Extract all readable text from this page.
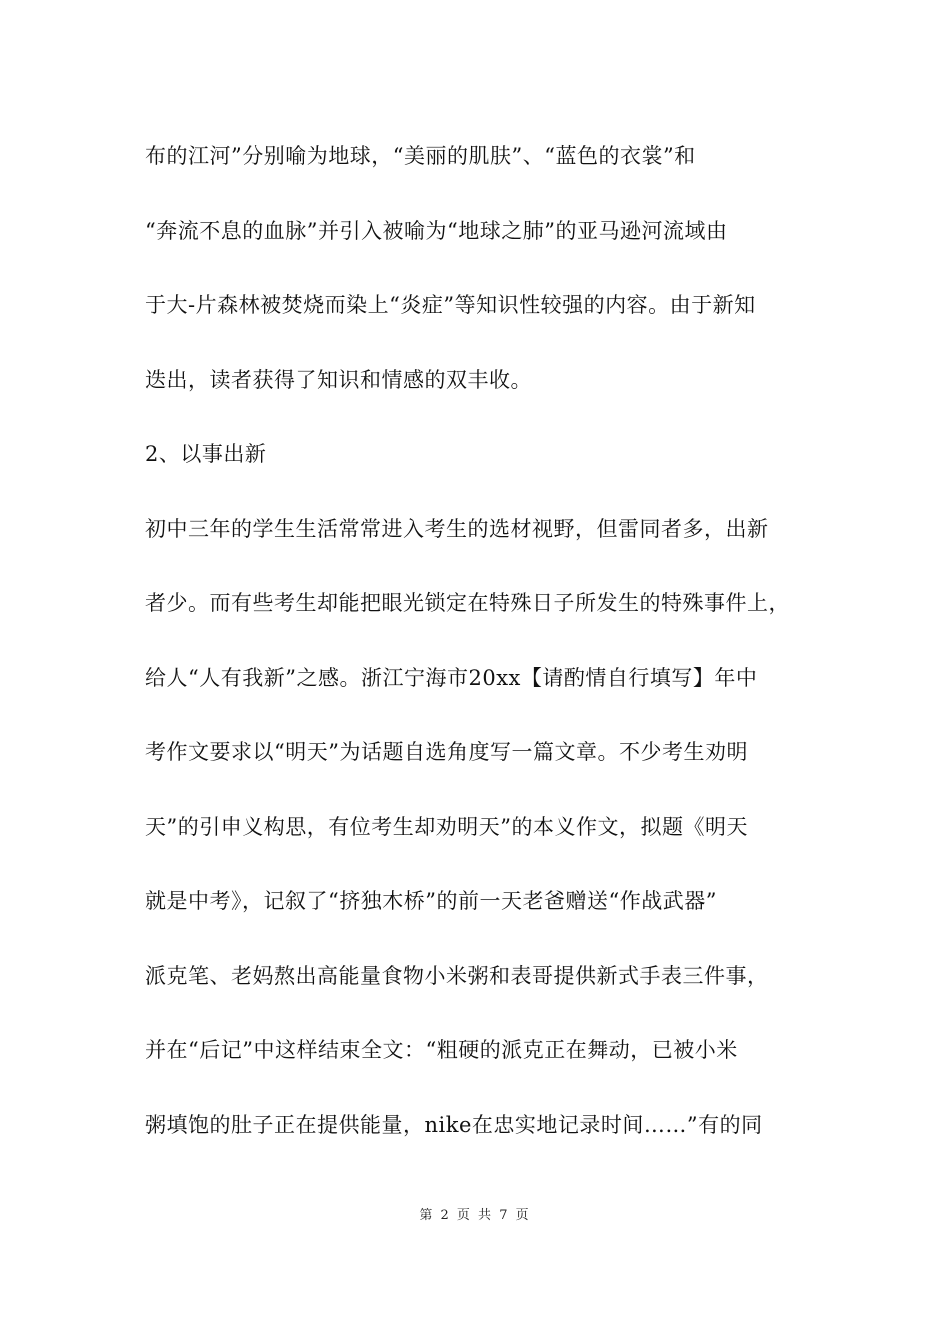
布的江河”分别喻为地球，“美丽的肌肤”、“蓝色的衣裳”和
“奔流不息的血脉”并引入被喻为“地球之肺”的亚马逊河流域由
于大-片森林被焚烧而染上“炎症”等知识性较强的内容。由于新知
迭出，读者获得了知识和情感的双丰收。
2、以事出新
初中三年的学生生活常常进入考生的选材视野，但雷同者多，出新
者少。而有些考生却能把眼光锁定在特殊日子所发生的特殊事件上，
给人“人有我新”之感。浙江宁海市20xx【请酌情自行填写】年中
考作文要求以“明天”为话题自选角度写一篇文章。不少考生劝明
天”的引申义构思，有位考生却劝明天”的本义作文，拟题《明天
就是中考》，记叙了“挤独木桥”的前一天老爸赠送“作战武器”
派克笔、老妈熬出高能量食物小米粥和表哥提供新式手表三件事，
并在“后记”中这样结束全文：“粗硬的派克正在舞动，已被小米
粥填饱的肚子正在提供能量，nike在忠实地记录时间……”有的同
第 2 页 共 7 页
